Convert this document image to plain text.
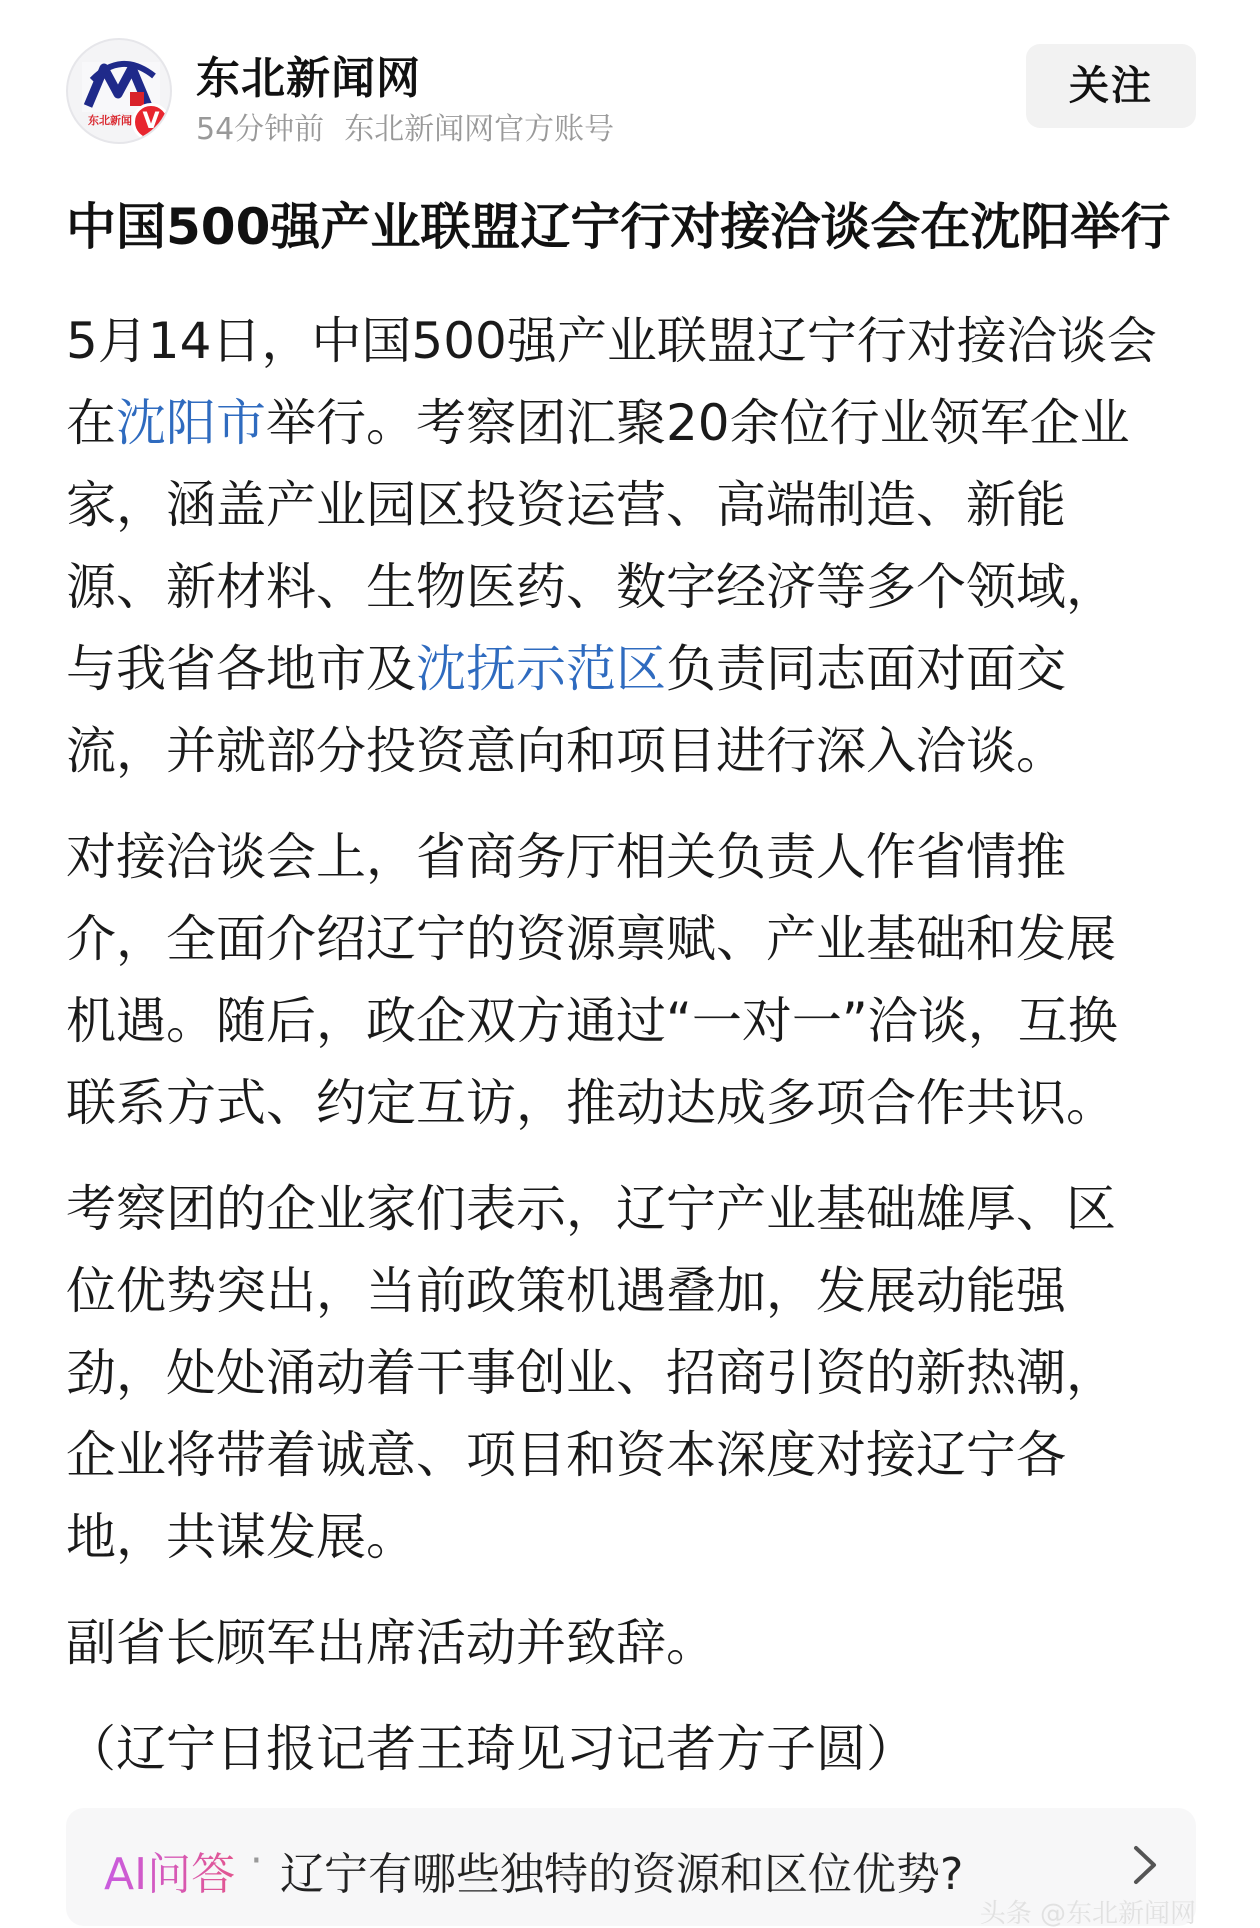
东北新闻 V
东北新闻网
54分钟前 东北新闻网官方账号
关注
中国500强产业联盟辽宁行对接洽谈会在沈阳举行
5月14日，中国500强产业联盟辽宁行对接洽谈会
在沈阳市举行。考察团汇聚20余位行业领军企业
家，涵盖产业园区投资运营、高端制造、新能
源、新材料、生物医药、数字经济等多个领域，
与我省各地市及沈抚示范区负责同志面对面交
流，并就部分投资意向和项目进行深入洽谈。
对接洽谈会上，省商务厅相关负责人作省情推
介，全面介绍辽宁的资源禀赋、产业基础和发展
机遇。随后，政企双方通过“一对一”洽谈，互换
联系方式、约定互访，推动达成多项合作共识。
考察团的企业家们表示，辽宁产业基础雄厚、区
位优势突出，当前政策机遇叠加，发展动能强
劲，处处涌动着干事创业、招商引资的新热潮，
企业将带着诚意、项目和资本深度对接辽宁各
地，共谋发展。
副省长顾军出席活动并致辞。
（辽宁日报记者王琦见习记者方子圆）
AI问答 · 辽宁有哪些独特的资源和区位优势?
头条 @东北新闻网
